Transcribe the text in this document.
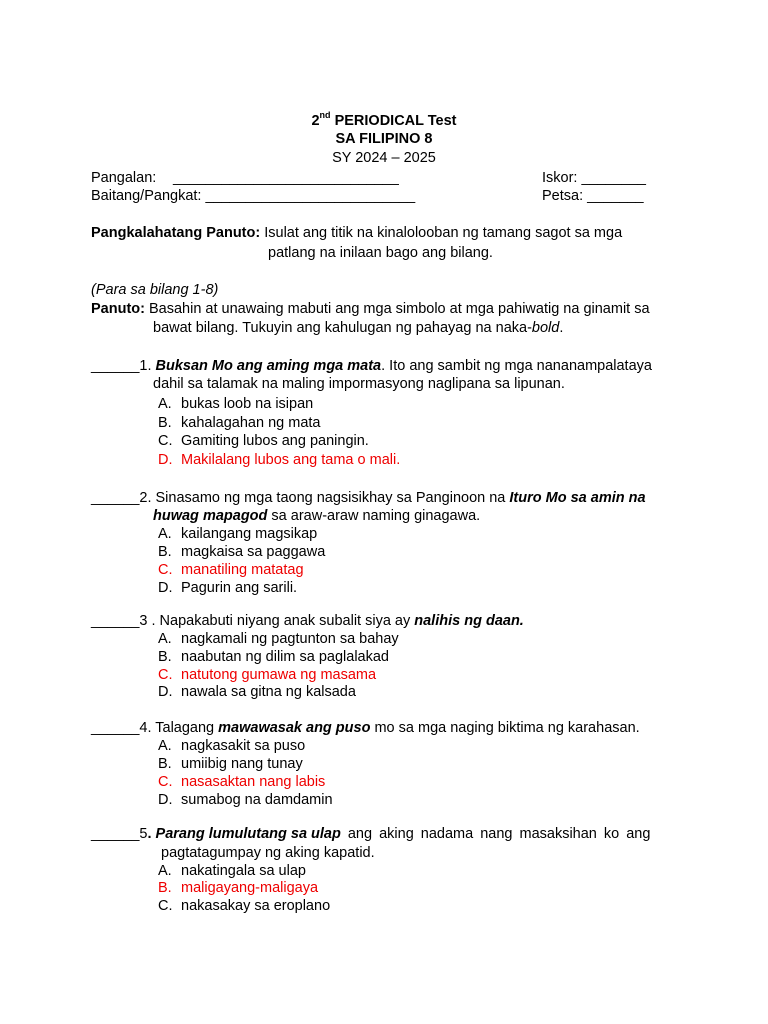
2nd PERIODICAL Test
SA FILIPINO 8
SY 2024 – 2025
Pangalan: ____________________________	Iskor: ________
Baitang/Pangkat: __________________________	Petsa: _______
Pangkalahatang Panuto: Isulat ang titik na kinalolooban ng tamang sagot sa mga
patlang na inilaan bago ang bilang.
(Para sa bilang 1-8)
Panuto: Basahin at unawaing mabuti ang mga simbolo at mga pahiwatig na ginamit sa
bawat bilang. Tukuyin ang kahulugan ng pahayag na naka-bold.
______1. Buksan Mo ang aming mga mata. Ito ang sambit ng mga nananampalataya
dahil sa talamak na maling impormasyong naglipana sa lipunan.
A. bukas loob na isipan
B. kahalagahan ng mata
C. Gamiting lubos ang paningin.
D. Makilalang lubos ang tama o mali.
______2. Sinasamo ng mga taong nagsisikhay sa Panginoon na Ituro Mo sa amin na
huwag mapagod sa araw-araw naming ginagawa.
A. kailangang magsikap
B. magkaisa sa paggawa
C. manatiling matatag
D. Pagurin ang sarili.
______3 . Napakabuti niyang anak subalit siya ay nalihis ng daan.
A. nagkamali ng pagtunton sa bahay
B. naabutan ng dilim sa paglalakad
C. natutong gumawa ng masama
D. nawala sa gitna ng kalsada
______4. Talagang mawawasak ang puso mo sa mga naging biktima ng karahasan.
A. nagkasakit sa puso
B. umiibig nang tunay
C. nasasaktan nang labis
D. sumabog na damdamin
______5. Parang lumulutang sa ulap ang aking nadama nang masaksihan ko ang
pagtatagumpay ng aking kapatid.
A. nakatingala sa ulap
B. maligayang-maligaya
C. nakasakay sa eroplano
